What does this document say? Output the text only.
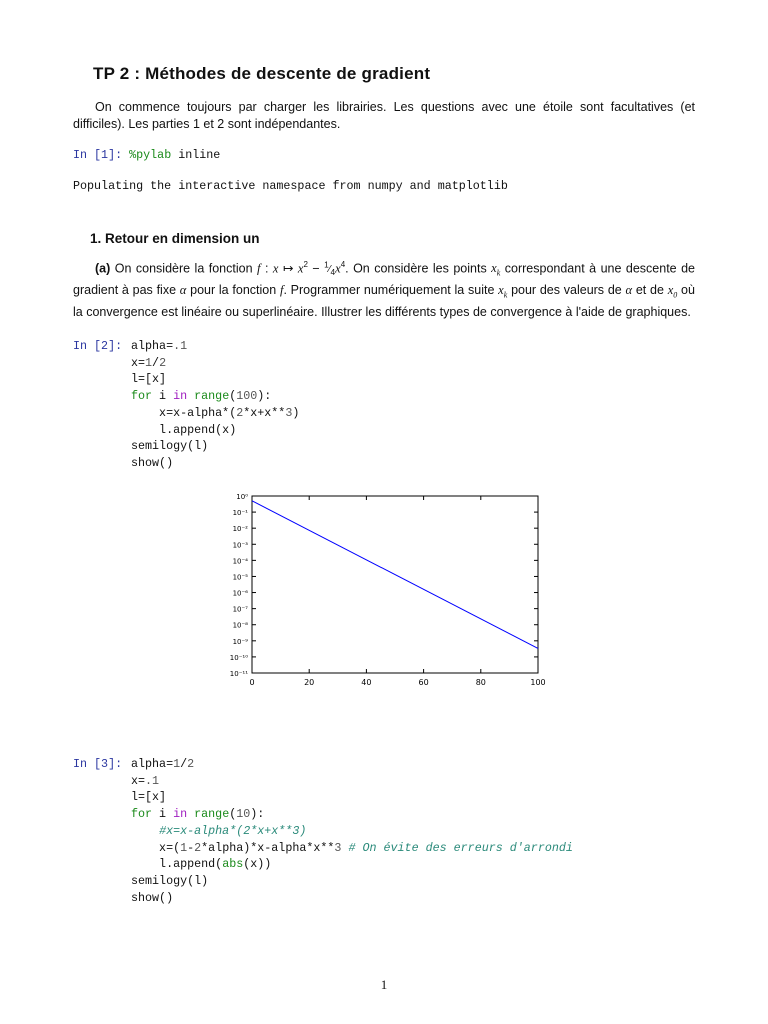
TP 2 : Méthodes de descente de gradient
On commence toujours par charger les librairies. Les questions avec une étoile sont facultatives (et difficiles). Les parties 1 et 2 sont indépendantes.
In [1]: %pylab inline
Populating the interactive namespace from numpy and matplotlib
1. Retour en dimension un
(a) On considère la fonction f : x ↦ $x^2$ − $^1⁄_4x^4$. On considère les points $x_k$ correspondant à une descente de gradient à pas fixe α pour la fonction f. Programmer numériquement la suite $x_k$ pour des valeurs de α et de $x_0$ où la convergence est linéaire ou superlinéaire. Illustrer les différents types de convergence à l'aide de graphiques.
In [2]: alpha=.1
x=1/2
l=[x]
for i in range(100):
x=x-alpha*(2*x+x**3)
l.append(x)
semilogy(l)
show()
0	20	40	60	80	100
10⁰
10⁻¹
10⁻²
10⁻³
10⁻⁴
10⁻⁵
10⁻⁶
10⁻⁷
10⁻⁸
10⁻⁹
10⁻¹⁰
10⁻¹¹
In [3]: alpha=1/2
x=.1
l=[x]
for i in range(10):
#x=x-alpha*(2*x+x**3)
x=(1-2*alpha)*x-alpha*x**3 # On évite des erreurs d'arrondi
l.append(abs(x))
semilogy(l)
show()
1
